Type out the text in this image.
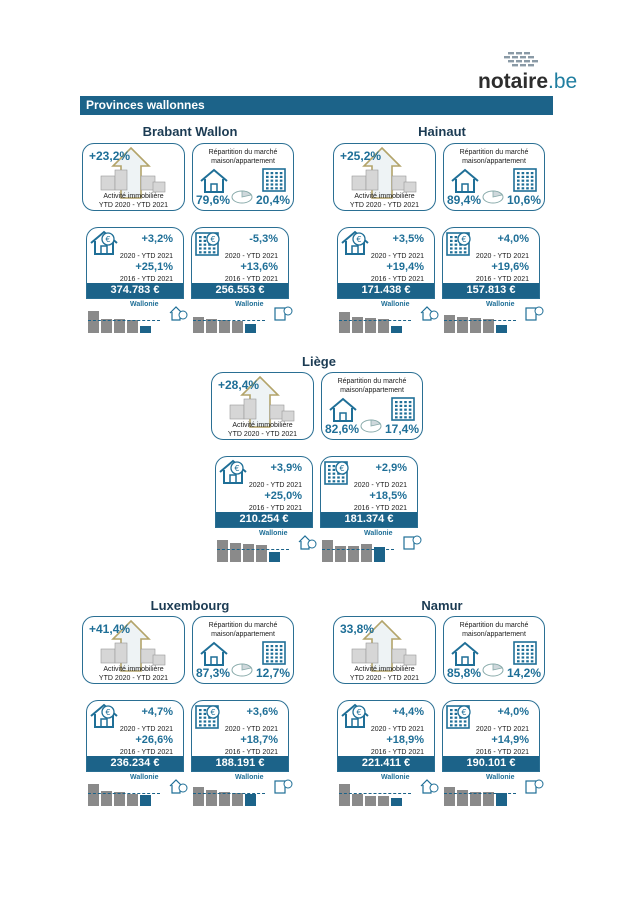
notaire.be
Provinces wallonnes
Brabant Wallon
+23,2%
Activité immobilière
YTD 2020 - YTD 2021
Répartition du marché
maison/appartement
79,6% 20,4%
€	+3,2%
2020 - YTD 2021
+25,1%
2016 - YTD 2021
374.783 €
Wallonie
€	-5,3%
2020 - YTD 2021
+13,6%
2016 - YTD 2021
256.553 €
Wallonie
Hainaut
+25,2%
Activité immobilière
YTD 2020 - YTD 2021
Répartition du marché
maison/appartement
89,4% 10,6%
€	+3,5%
2020 - YTD 2021
+19,4%
2016 - YTD 2021
171.438 €
Wallonie
€	+4,0%
2020 - YTD 2021
+19,6%
2016 - YTD 2021
157.813 €
Wallonie
Liège
+28,4%
Activité immobilière
YTD 2020 - YTD 2021
Répartition du marché
maison/appartement
82,6% 17,4%
€	+3,9%
2020 - YTD 2021
+25,0%
2016 - YTD 2021
210.254 €
Wallonie
€	+2,9%
2020 - YTD 2021
+18,5%
2016 - YTD 2021
181.374 €
Wallonie
Luxembourg
+41,4%
Activité immobilière
YTD 2020 - YTD 2021
Répartition du marché
maison/appartement
87,3% 12,7%
€	+4,7%
2020 - YTD 2021
+26,6%
2016 - YTD 2021
236.234 €
Wallonie
€	+3,6%
2020 - YTD 2021
+18,7%
2016 - YTD 2021
188.191 €
Wallonie
Namur
33,8%
Activité immobilière
YTD 2020 - YTD 2021
Répartition du marché
maison/appartement
85,8% 14,2%
€	+4,4%
2020 - YTD 2021
+18,9%
2016 - YTD 2021
221.411 €
Wallonie
€	+4,0%
2020 - YTD 2021
+14,9%
2016 - YTD 2021
190.101 €
Wallonie
